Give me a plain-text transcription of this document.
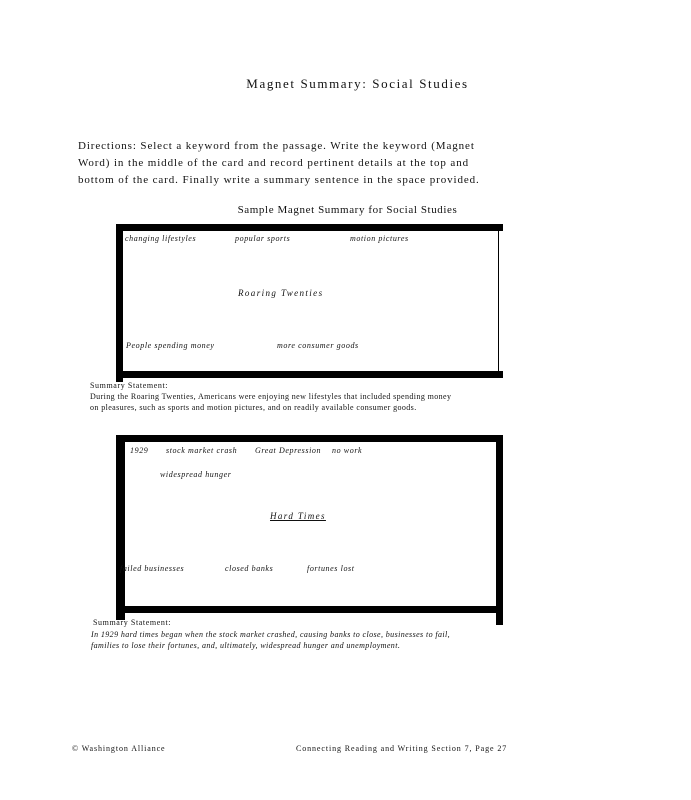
Magnet Summary: Social Studies
Directions: Select a keyword from the passage. Write the keyword (Magnet Word) in the middle of the card and record pertinent details at the top and bottom of the card. Finally write a summary sentence in the space provided.
Sample Magnet Summary for Social Studies
changing lifestyles	popular sports	motion pictures
Roaring Twenties
People spending money	more consumer goods
Summary Statement:
During the Roaring Twenties, Americans were enjoying new lifestyles that included spending money
on pleasures, such as sports and motion pictures, and on readily available consumer goods.
1929 stock market crash Great Depression no work
widespread hunger
Hard Times
failed businesses	closed banks	fortunes lost
Summary Statement:
In 1929 hard times began when the stock market crashed, causing banks to close, businesses to fail,
families to lose their fortunes, and, ultimately, widespread hunger and unemployment.
© Washington Alliance	Connecting Reading and Writing Section 7, Page 27
